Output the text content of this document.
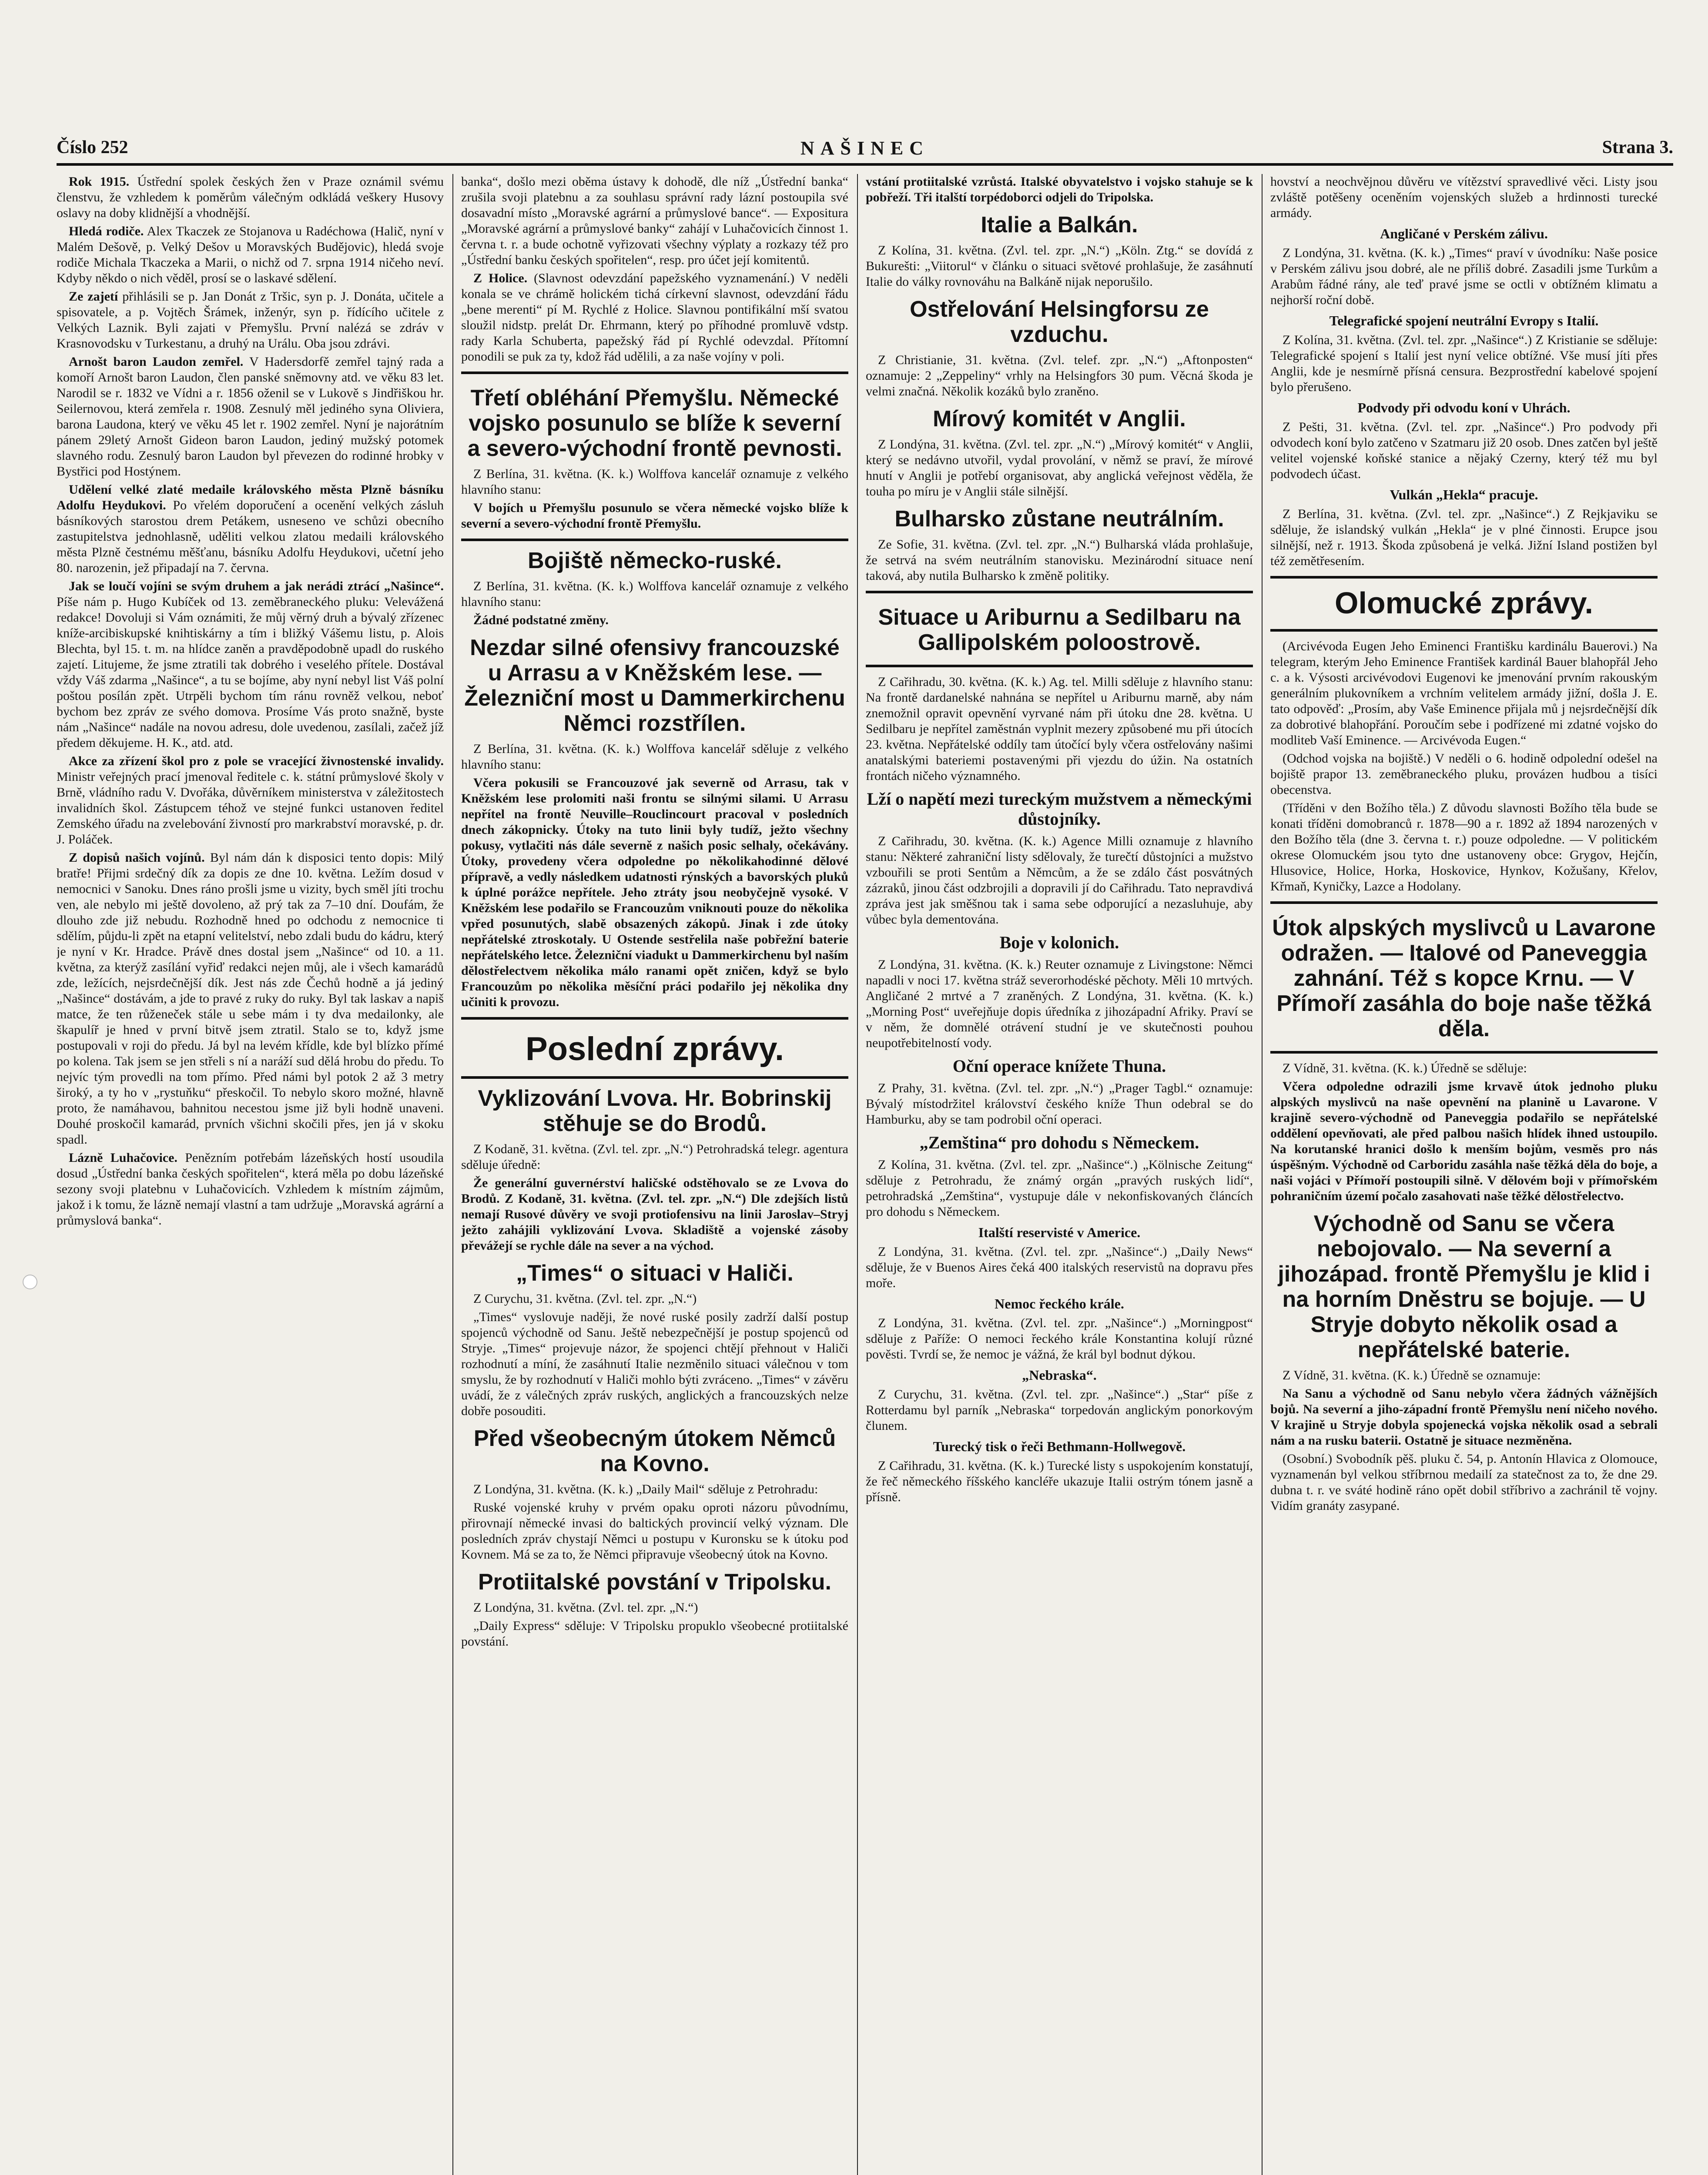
Číslo 252	NAŠINEC	Strana 3.

Rok 1915. Ústřední spolek českých žen v Praze oznámil svému členstvu, že vzhledem k poměrům válečným odkládá veškery Husovy oslavy na doby klidnější a vhodnější.

Hledá rodiče. Alex Tkaczek ze Stojanova u Radéchowa (Halič, nyní v Malém Dešově, p. Velký Dešov u Moravských Budějovic), hledá svoje rodiče Michala Tkaczeka a Marii, o nichž od 7. srpna 1914 ničeho neví. Kdyby někdo o nich věděl, prosí se o laskavé sdělení.

Ze zajetí přihlásili se p. Jan Donát z Tršic, syn p. J. Donáta, učitele a spisovatele, a p. Vojtěch Šrámek, inženýr, syn p. řídícího učitele z Velkých Laznik. Byli zajati v Přemyšlu. První nalézá se zdráv v Krasnovodsku v Turkestanu, a druhý na Urálu. Oba jsou zdrávi.

Arnošt baron Laudon zemřel. V Hadersdorfě zemřel tajný rada a komoří Arnošt baron Laudon, člen panské sněmovny atd. ve věku 83 let. Narodil se r. 1832 ve Vídni a r. 1856 oženil se v Lukově s Jindřiškou hr. Seilernovou, která zemřela r. 1908. Zesnulý měl jediného syna Oliviera, barona Laudona, který ve věku 45 let r. 1902 zemřel. Nyní je najorátním pánem 29letý Arnošt Gideon baron Laudon, jediný mužský potomek slavného rodu. Zesnulý baron Laudon byl převezen do rodinné hrobky v Bystřici pod Hostýnem.

Udělení velké zlaté medaile královského města Plzně básníku Adolfu Heydukovi. Po vřelém doporučení a ocenění velkých zásluh básníkových starostou drem Petákem, usneseno ve schůzi obecního zastupitelstva jednohlasně, uděliti velkou zlatou medaili královského města Plzně čestnému měšťanu, básníku Adolfu Heydukovi, učetní jeho 80. narozenin, jež připadají na 7. června.

Jak se loučí vojíni se svým druhem a jak nerádi ztrácí „Našince“. Píše nám p. Hugo Kubíček od 13. zeměbraneckého pluku: Velevážená redakce! Dovoluji si Vám oznámiti, že můj věrný druh a bývalý zřízenec kníže-arcibiskupské knihtiskárny a tím i bližký Vášemu listu, p. Alois Blechta, byl 15. t. m. na hlídce zaněn a pravděpodobně upadl do ruského zajetí. Litujeme, že jsme ztratili tak dobrého i veselého přítele. Dostával vždy Váš zdarma „Našince“, a tu se bojíme, aby nyní nebyl list Váš polní poštou posílán zpět. Utrpěli bychom tím ránu rovněž velkou, neboť bychom bez zpráv ze svého domova. Prosíme Vás proto snažně, byste nám „Našince“ nadále na novou adresu, dole uvedenou, zasílali, začež jíž předem děkujeme. H. K., atd. atd.

Akce za zřízení škol pro z pole se vracející živnostenské invalidy. Ministr veřejných prací jmenoval ředitele c. k. státní průmyslové školy v Brně, vládního radu V. Dvořáka, důvěrníkem ministerstva v záležitostech invalidních škol. Zástupcem téhož ve stejné funkci ustanoven ředitel Zemského úřadu na zvelebování živností pro markrabství moravské, p. dr. J. Poláček.

Z dopisů našich vojínů. Byl nám dán k disposici tento dopis: Milý bratře! Přijmi srdečný dík za dopis ze dne 10. května. Ležím dosud v nemocnici v Sanoku. Dnes ráno prošli jsme u vizity, bych směl jíti trochu ven, ale nebylo mi ještě dovoleno, až prý tak za 7–10 dní. Doufám, že dlouho zde již nebudu. Rozhodně hned po odchodu z nemocnice ti sdělím, půjdu-li zpět na etapní velitelství, nebo zdali budu do kádru, který je nyní v Kr. Hradce. Právě dnes dostal jsem „Našince“ od 10. a 11. května, za kterýž zasílání vyřiď redakci nejen můj, ale i všech kamarádů zde, ležících, nejsrdečnější dík. Jest nás zde Čechů hodně a já jediný „Našince“ dostávám, a jde to pravé z ruky do ruky. Byl tak laskav a napiš matce, že ten růženeček stále u sebe mám i ty dva medailonky, ale škapulíř je hned v první bitvě jsem ztratil. Stalo se to, když jsme postupovali v roji do předu. Já byl na levém křídle, kde byl blízko přímé po kolena. Tak jsem se jen střeli s ní a naráží sud dělá hrobu do předu. To nejvíc tým provedli na tom přímo. Před námi byl potok 2 až 3 metry široký, a ty ho v „rystuňku“ přeskočil. To nebylo skoro možné, hlavně proto, že namáhavou, bahnitou necestou jsme již byli hodně unaveni. Douhé proskočil kamarád, prvních všichni skočili přes, jen já v skoku spadl.

Lázně Luhačovice. Penězním potřebám lázeňských hostí usoudila dosud „Ústřední banka českých spořitelen“, která měla po dobu lázeňské sezony svoji platebnu v Luhačovicích. Vzhledem k místním zájmům, jakož i k tomu, že lázně nemají vlastní a tam udržuje „Moravská agrární a průmyslová banka“.

banka“, došlo mezi oběma ústavy k dohodě, dle níž „Ústřední banka“ zrušila svoji platebnu a za souhlasu správní rady lázní postoupila své dosavadní místo „Moravské agrární a průmyslové bance“. — Expositura „Moravské agrární a průmyslové banky“ zahájí v Luhačovicích činnost 1. června t. r. a bude ochotně vyřizovati všechny výplaty a rozkazy též pro „Ústřední banku českých spořitelen“, resp. pro účet její komitentů.

Z Holice. (Slavnost odevzdání papežského vyznamenání.) V neděli konala se ve chrámě holickém tichá církevní slavnost, odevzdání řádu „bene merenti“ pí M. Rychlé z Holice. Slavnou pontifikální mší svatou sloužil nidstp. prelát Dr. Ehrmann, který po příhodné promluvě vdstp. rady Karla Schuberta, papežský řád pí Rychlé odevzdal. Přítomní ponodili se puk za ty, kdož řád udělili, a za naše vojíny v poli.

Třetí obléhání Přemyšlu. Německé vojsko posunulo se blíže k severní a severo-východní frontě pevnosti.

Z Berlína, 31. května. (K. k.) Wolffova kancelář oznamuje z velkého hlavního stanu:

V bojích u Přemyšlu posunulo se včera německé vojsko blíže k severní a severo-východní frontě Přemyšlu.

Bojiště německo-ruské.

Z Berlína, 31. května. (K. k.) Wolffova kancelář oznamuje z velkého hlavního stanu:

Žádné podstatné změny.

Nezdar silné ofensivy francouzské u Arrasu a v Kněžském lese. — Železniční most u Dammerkirchenu Němci rozstřílen.

Z Berlína, 31. května. (K. k.) Wolffova kancelář sděluje z velkého hlavního stanu:

Včera pokusili se Francouzové jak severně od Arrasu, tak v Kněžském lese prolomiti naši frontu se silnými silami. U Arrasu nepřítel na frontě Neuville–Rouclincourt pracoval v posledních dnech zákopnicky. Útoky na tuto linii byly tudíž, ježto všechny pokusy, vytlačiti nás dále severně z našich posic selhaly, očekávány. Útoky, provedeny včera odpoledne po několikahodinné dělové přípravě, a vedly následkem udatnosti rýnských a bavorských pluků k úplné porážce nepřítele. Jeho ztráty jsou neobyčejně vysoké. V Kněžském lese podařilo se Francouzům vniknouti pouze do několika vpřed posunutých, slabě obsazených zákopů. Jinak i zde útoky nepřátelské ztroskotaly. U Ostende sestřelila naše pobřežní baterie nepřátelského letce. Železniční viadukt u Dammerkirchenu byl naším dělostřelectvem několika málo ranami opět zničen, když se bylo Francouzům po několika měsíční práci podařilo jej několika dny učiniti k provozu.

Poslední zprávy.
Vyklizování Lvova. Hr. Bobrinskij stěhuje se do Brodů.

Z Kodaně, 31. května. (Zvl. tel. zpr. „N.“) Petrohradská telegr. agentura sděluje úředně:

Že generální guvernérství haličské odstěhovalo se ze Lvova do Brodů. Z Kodaně, 31. května. (Zvl. tel. zpr. „N.“) Dle zdejších listů nemají Rusové důvěry ve svoji protiofensivu na linii Jaroslav–Stryj ježto zahájili vyklizování Lvova. Skladiště a vojenské zásoby převážejí se rychle dále na sever a na východ.

„Times“ o situaci v Haliči.

Z Curychu, 31. května. (Zvl. tel. zpr. „N.“)

„Times“ vyslovuje naději, že nové ruské posily zadrží další postup spojenců východně od Sanu. Ještě nebezpečnější je postup spojenců od Stryje. „Times“ projevuje názor, že spojenci chtějí přehnout v Haliči rozhodnutí a míní, že zasáhnutí Italie nezměnilo situaci válečnou v tom smyslu, že by rozhodnutí v Haliči mohlo býti zvráceno. „Times“ v závěru uvádí, že z válečných zpráv ruských, anglických a francouzských nelze dobře posouditi.

Před všeobecným útokem Němců na Kovno.

Z Londýna, 31. května. (K. k.) „Daily Mail“ sděluje z Petrohradu:

Ruské vojenské kruhy v prvém opaku oproti názoru původnímu, přirovnají německé invasi do baltických provincií velký význam. Dle posledních zpráv chystají Němci u postupu v Kuronsku se k útoku pod Kovnem. Má se za to, že Němci připravuje všeobecný útok na Kovno.

Protiitalské povstání v Tripolsku.

Z Londýna, 31. května. (Zvl. tel. zpr. „N.“)

„Daily Express“ sděluje: V Tripolsku propuklo všeobecné protiitalské povstání.

vstání protiitalské vzrůstá. Italské obyvatelstvo i vojsko stahuje se k pobřeží. Tři italští torpédoborci odjeli do Tripolska.

Italie a Balkán.

Z Kolína, 31. května. (Zvl. tel. zpr. „N.“) „Köln. Ztg.“ se dovídá z Bukurešti: „Viitorul“ v článku o situaci světové prohlašuje, že zasáhnutí Italie do války rovnováhu na Balkáně nijak neporušilo.

Ostřelování Helsingforsu ze vzduchu.

Z Christianie, 31. května. (Zvl. telef. zpr. „N.“) „Aftonposten“ oznamuje: 2 „Zeppeliny“ vrhly na Helsingfors 30 pum. Věcná škoda je velmi značná. Několik kozáků bylo zraněno.

Mírový komitét v Anglii.

Z Londýna, 31. května. (Zvl. tel. zpr. „N.“) „Mírový komitét“ v Anglii, který se nedávno utvořil, vydal provolání, v němž se praví, že mírové hnutí v Anglii je potřebí organisovat, aby anglická veřejnost věděla, že touha po míru je v Anglii stále silnější.

Bulharsko zůstane neutrálním.

Ze Sofie, 31. května. (Zvl. tel. zpr. „N.“) Bulharská vláda prohlašuje, že setrvá na svém neutrálním stanovisku. Mezinárodní situace není taková, aby nutila Bulharsko k změně politiky.

Situace u Ariburnu a Sedilbaru na Gallipolském poloostrově.

Z Cařihradu, 30. května. (K. k.) Ag. tel. Milli sděluje z hlavního stanu: Na frontě dardanelské nahnána se nepřítel u Ariburnu marně, aby nám znemožnil opravit opevnění vyrvané nám při útoku dne 28. května. U Sedilbaru je nepřítel zaměstnán vyplnit mezery způsobené mu při útocích 23. května. Nepřátelské oddíly tam útočící byly včera ostřelovány našimi anatalskými bateriemi postavenými při vjezdu do úžin. Na ostatních frontách ničeho významného.

Lží o napětí mezi tureckým mužstvem a německými důstojníky.

Z Cařihradu, 30. května. (K. k.) Agence Milli oznamuje z hlavního stanu: Některé zahraniční listy sdělovaly, že turečtí důstojníci a mužstvo vzbouřili se proti Sentům a Němcům, a že se zdálo část posvátných zázraků, jinou část odzbrojili a dopravili jí do Cařihradu. Tato nepravdivá zpráva jest jak směšnou tak i sama sebe odporující a nezasluhuje, aby vůbec byla dementována.

Boje v kolonich.

Z Londýna, 31. května. (K. k.) Reuter oznamuje z Livingstone: Němci napadli v noci 17. května stráž severorhodéské pěchoty. Měli 10 mrtvých. Angličané 2 mrtvé a 7 zraněných. Z Londýna, 31. května. (K. k.) „Morning Post“ uveřejňuje dopis úředníka z jihozápadní Afriky. Praví se v něm, že domnělé otrávení studní je ve skutečnosti pouhou neupotřebitelností vody.

Oční operace knížete Thuna.

Z Prahy, 31. května. (Zvl. tel. zpr. „N.“) „Prager Tagbl.“ oznamuje: Bývalý místodržitel království českého kníže Thun odebral se do Hamburku, aby se tam podrobil oční operaci.

„Zemština“ pro dohodu s Německem.

Z Kolína, 31. května. (Zvl. tel. zpr. „Našince“.) „Kölnische Zeitung“ sděluje z Petrohradu, že známý orgán „pravých ruských lidí“, petrohradská „Zemština“, vystupuje dále v nekonfiskovaných článcích pro dohodu s Německem.

Italští reservisté v Americe.

Z Londýna, 31. května. (Zvl. tel. zpr. „Našince“.) „Daily News“ sděluje, že v Buenos Aires čeká 400 italských reservistů na dopravu přes moře.

Nemoc řeckého krále.

Z Londýna, 31. května. (Zvl. tel. zpr. „Našince“.) „Morningpost“ sděluje z Paříže: O nemoci řeckého krále Konstantina kolují různé pověsti. Tvrdí se, že nemoc je vážná, že král byl bodnut dýkou.

„Nebraska“.

Z Curychu, 31. května. (Zvl. tel. zpr. „Našince“.) „Star“ píše z Rotterdamu byl parník „Nebraska“ torpedován anglickým ponorkovým člunem.

Turecký tisk o řeči Bethmann-Hollwegově.

Z Cařihradu, 31. května. (K. k.) Turecké listy s uspokojením konstatují, že řeč německého říšského kancléře ukazuje Italii ostrým tónem jasně a přísně.

hovství a neochvějnou důvěru ve vítězství spravedlivé věci. Listy jsou zvláště potěšeny oceněním vojenských služeb a hrdinnosti turecké armády.

Angličané v Perském zálivu.

Z Londýna, 31. května. (K. k.) „Times“ praví v úvodníku: Naše posice v Perském zálivu jsou dobré, ale ne příliš dobré. Zasadili jsme Turkům a Arabům řádné rány, ale teď pravé jsme se octli v obtížném klimatu a nejhorší roční době.

Telegrafické spojení neutrální Evropy s Italií.

Z Kolína, 31. května. (Zvl. tel. zpr. „Našince“.) Z Kristianie se sděluje: Telegrafické spojení s Italií jest nyní velice obtížné. Vše musí jíti přes Anglii, kde je nesmírně přísná censura. Bezprostřední kabelové spojení bylo přerušeno.

Podvody při odvodu koní v Uhrách.

Z Pešti, 31. května. (Zvl. tel. zpr. „Našince“.) Pro podvody při odvodech koní bylo zatčeno v Szatmaru již 20 osob. Dnes zatčen byl ještě velitel vojenské koňské stanice a nějaký Czerny, který též mu byl podvodech účast.

Vulkán „Hekla“ pracuje.

Z Berlína, 31. května. (Zvl. tel. zpr. „Našince“.) Z Rejkjaviku se sděluje, že islandský vulkán „Hekla“ je v plné činnosti. Erupce jsou silnější, než r. 1913. Škoda způsobená je velká. Jižní Island postižen byl též zemětřesením.

Olomucké zprávy.

(Arcivévoda Eugen Jeho Eminenci Františku kardinálu Bauerovi.) Na telegram, kterým Jeho Eminence František kardinál Bauer blahopřál Jeho c. a k. Výsosti arcivévodovi Eugenovi ke jmenování prvním rakouským generálním plukovníkem a vrchním velitelem armády jižní, došla J. E. tato odpověď: „Prosím, aby Vaše Eminence přijala mů j nejsrdečnější dík za dobrotivé blahopřání. Poroučím sebe i podřízené mi zdatné vojsko do modliteb Vaší Eminence. — Arcivévoda Eugen.“

(Odchod vojska na bojiště.) V neděli o 6. hodině odpolední odešel na bojiště prapor 13. zeměbraneckého pluku, provázen hudbou a tisíci obecenstva.

(Tříděni v den Božího těla.) Z důvodu slavnosti Božího těla bude se konati tříděni domobranců r. 1878—90 a r. 1892 až 1894 narozených v den Božího těla (dne 3. června t. r.) pouze odpoledne. — V politickém okrese Olomuckém jsou tyto dne ustanoveny obce: Grygov, Hejčín, Hlusovice, Holice, Horka, Hoskovice, Hynkov, Kožušany, Křelov, Křmaň, Kyničky, Lazce a Hodolany.

Útok alpských myslivců u Lavarone odražen. — Italové od Paneveggia zahnání. Též s kopce Krnu. — V Přímoří zasáhla do boje naše těžká děla.

Z Vídně, 31. května. (K. k.) Úředně se sděluje:

Včera odpoledne odrazili jsme krvavě útok jednoho pluku alpských myslivců na naše opevnění na planině u Lavarone. V krajině severo-východně od Paneveggia podařilo se nepřátelské oddělení opevňovati, ale před palbou našich hlídek ihned ustoupilo. Na korutanské hranici došlo k menším bojům, vesměs pro nás úspěšným. Východně od Carboridu zasáhla naše těžká děla do boje, a naši vojáci v Přímoří postoupili silně. V dělovém boji v přímořském pohraničním území počalo zasahovati naše těžké dělostřelectvo.

Východně od Sanu se včera nebojovalo. — Na severní a jihozápad. frontě Přemyšlu je klid i na horním Dněstru se bojuje. — U Stryje dobyto několik osad a nepřátelské baterie.

Z Vídně, 31. května. (K. k.) Úředně se oznamuje:

Na Sanu a východně od Sanu nebylo včera žádných vážnějších bojů. Na severní a jiho-západní frontě Přemyšlu není ničeho nového. V krajině u Stryje dobyla spojenecká vojska několik osad a sebrali nám a na rusku baterii. Ostatně je situace nezměněna.

(Osobní.) Svobodník pěš. pluku č. 54, p. Antonín Hlavica z Olomouce, vyznamenán byl velkou stříbrnou medailí za statečnost za to, že dne 29. dubna t. r. ve sváté hodině ráno opět dobil stříbrivo a zachránil tě vojny. Vidím granáty zasypané.
